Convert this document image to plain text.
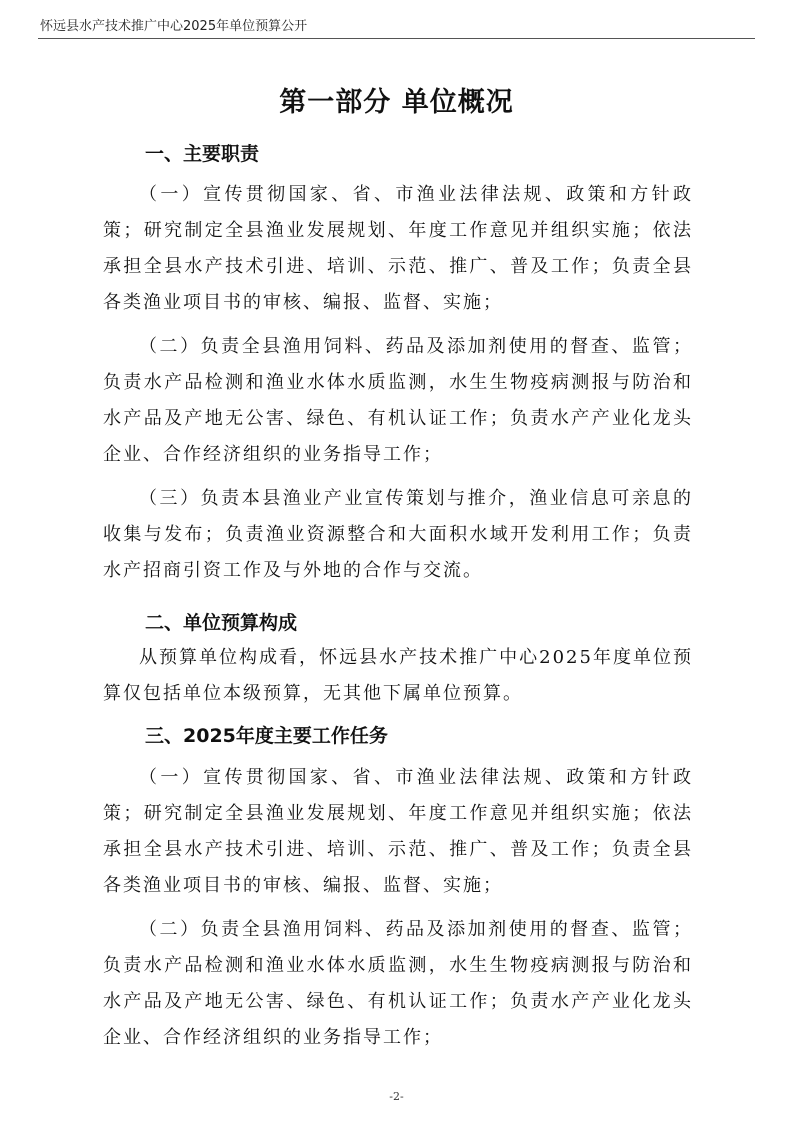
怀远县水产技术推广中心2025年单位预算公开
第一部分 单位概况
一、主要职责
（一）宣传贯彻国家、省、市渔业法律法规、政策和方针政策；研究制定全县渔业发展规划、年度工作意见并组织实施；依法承担全县水产技术引进、培训、示范、推广、普及工作；负责全县各类渔业项目书的审核、编报、监督、实施；
（二）负责全县渔用饲料、药品及添加剂使用的督查、监管；负责水产品检测和渔业水体水质监测，水生生物疫病测报与防治和水产品及产地无公害、绿色、有机认证工作；负责水产产业化龙头企业、合作经济组织的业务指导工作；
（三）负责本县渔业产业宣传策划与推介，渔业信息可亲息的收集与发布；负责渔业资源整合和大面积水域开发利用工作；负责水产招商引资工作及与外地的合作与交流。
二、单位预算构成
从预算单位构成看，怀远县水产技术推广中心2025年度单位预算仅包括单位本级预算，无其他下属单位预算。
三、2025年度主要工作任务
（一）宣传贯彻国家、省、市渔业法律法规、政策和方针政策；研究制定全县渔业发展规划、年度工作意见并组织实施；依法承担全县水产技术引进、培训、示范、推广、普及工作；负责全县各类渔业项目书的审核、编报、监督、实施；
（二）负责全县渔用饲料、药品及添加剂使用的督查、监管；负责水产品检测和渔业水体水质监测，水生生物疫病测报与防治和水产品及产地无公害、绿色、有机认证工作；负责水产产业化龙头企业、合作经济组织的业务指导工作；
-2-
